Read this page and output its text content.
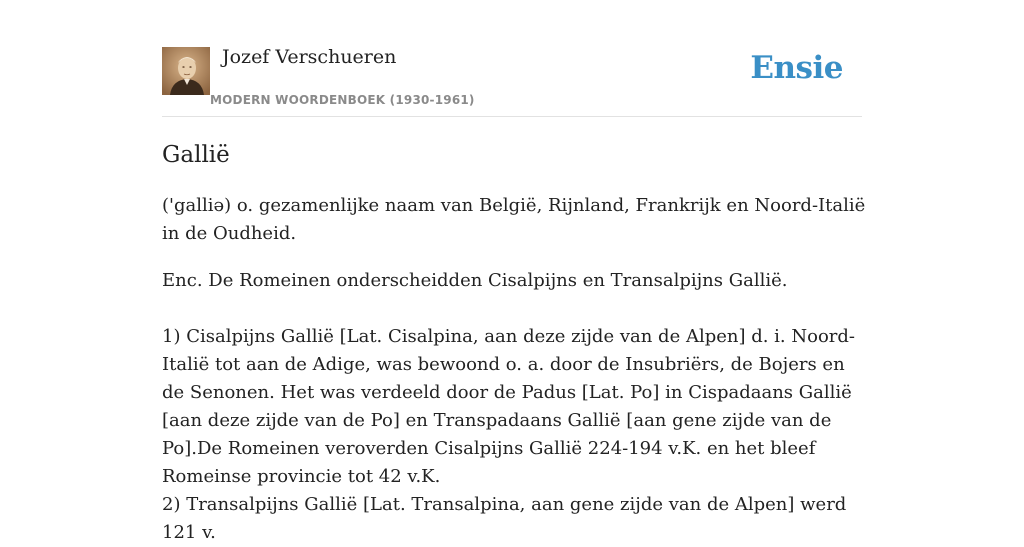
Jozef Verschueren
MODERN WOORDENBOEK (1930-1961)
Ensie
Gallië

('galliə) o. gezamenlijke naam van België, Rijnland, Frankrijk en Noord-Italië in de Oudheid.

Enc. De Romeinen onderscheidden Cisalpijns en Transalpijns Gallië.

1) Cisalpijns Gallië [Lat. Cisalpina, aan deze zijde van de Alpen] d. i. Noord-Italië tot aan de Adige, was bewoond o. a. door de Insubriërs, de Bojers en de Senonen. Het was verdeeld door de Padus [Lat. Po] in Cispadaans Gallië [aan deze zijde van de Po] en Transpadaans Gallië [aan gene zijde van de Po].De Romeinen veroverden Cisalpijns Gallië 224-194 v.K. en het bleef Romeinse provincie tot 42 v.K.

2) Transalpijns Gallië [Lat. Transalpina, aan gene zijde van de Alpen] werd 121 v.
